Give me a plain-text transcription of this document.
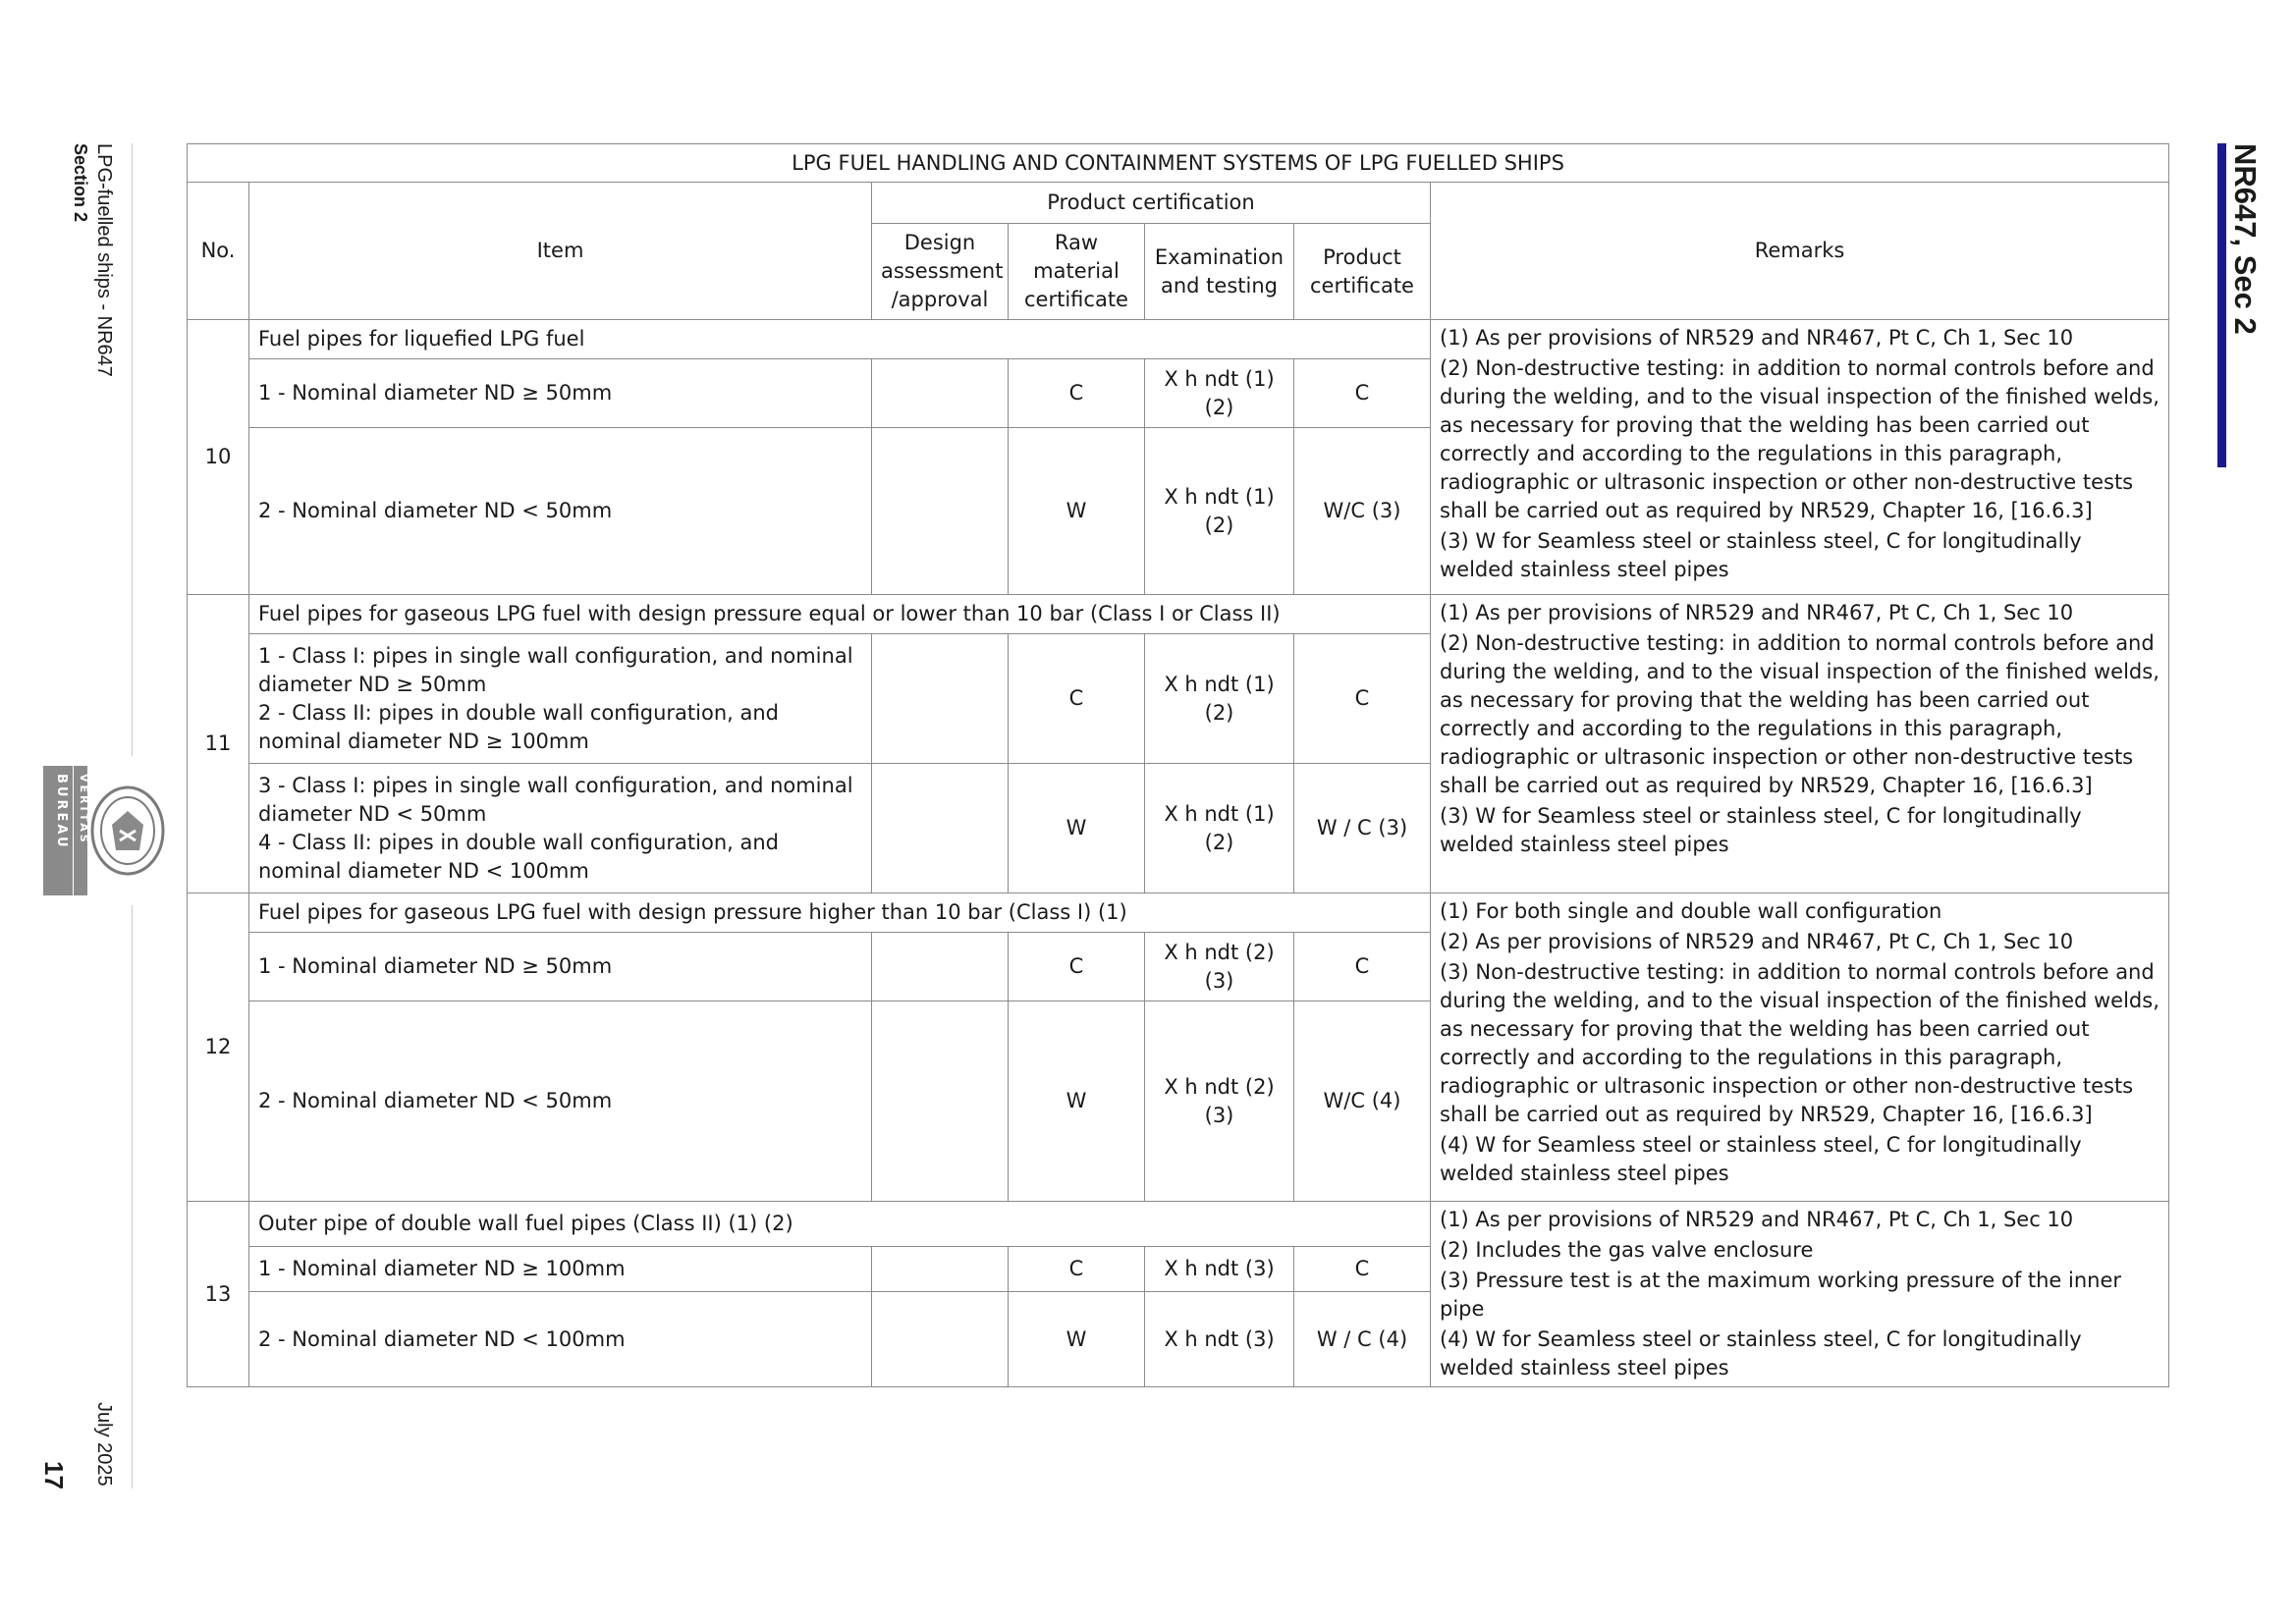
LPG-fuelled ships - NR647
Section 2
July 2025
17
BUREAU VERITAS
NR647, Sec 2
LPG FUEL HANDLING AND CONTAINMENT SYSTEMS OF LPG FUELLED SHIPS						
No.	Item	Product certification				Remarks
		Design assessment /approval	Raw material certificate	Examination and testing	Product certificate	
10	Fuel pipes for liquefied LPG fuel					(1) As per provisions of NR529 and NR467, Pt C, Ch 1, Sec 10
(2) Non-destructive testing: in addition to normal controls before and during the welding, and to the visual inspection of the finished welds, as necessary for proving that the welding has been carried out correctly and according to the regulations in this paragraph, radiographic or ultrasonic inspection or other non-destructive tests shall be carried out as required by NR529, Chapter 16, [16.6.3]
(3) W for Seamless steel or stainless steel, C for longitudinally welded stainless steel pipes

	1 - Nominal diameter ND ≥ 50mm		C	X h ndt (1) (2)	C	
	2 - Nominal diameter ND < 50mm		W	X h ndt (1) (2)	W/C (3)	
11	Fuel pipes for gaseous LPG fuel with design pressure equal or lower than 10 bar (Class I or Class II)					(1) As per provisions of NR529 and NR467, Pt C, Ch 1, Sec 10
(2) Non-destructive testing: in addition to normal controls before and during the welding, and to the visual inspection of the finished welds, as necessary for proving that the welding has been carried out correctly and according to the regulations in this paragraph, radiographic or ultrasonic inspection or other non-destructive tests shall be carried out as required by NR529, Chapter 16, [16.6.3]
(3) W for Seamless steel or stainless steel, C for longitudinally welded stainless steel pipes

	1 - Class I: pipes in single wall configuration, and nominal diameter ND ≥ 50mm
2 - Class II: pipes in double wall configuration, and nominal diameter ND ≥ 100mm		C	X h ndt (1) (2)	C	

	3 - Class I: pipes in single wall configuration, and nominal diameter ND < 50mm
4 - Class II: pipes in double wall configuration, and nominal diameter ND < 100mm		W	X h ndt (1) (2)	W / C (3)	
12	Fuel pipes for gaseous LPG fuel with design pressure higher than 10 bar (Class I) (1)					(1) For both single and double wall configuration
(2) As per provisions of NR529 and NR467, Pt C, Ch 1, Sec 10
(3) Non-destructive testing: in addition to normal controls before and during the welding, and to the visual inspection of the finished welds, as necessary for proving that the welding has been carried out correctly and according to the regulations in this paragraph, radiographic or ultrasonic inspection or other non-destructive tests shall be carried out as required by NR529, Chapter 16, [16.6.3]
(4) W for Seamless steel or stainless steel, C for longitudinally welded stainless steel pipes

	1 - Nominal diameter ND ≥ 50mm		C	X h ndt (2) (3)	C	
	2 - Nominal diameter ND < 50mm		W	X h ndt (2) (3)	W/C (4)	
13	Outer pipe of double wall fuel pipes (Class II) (1) (2)					(1) As per provisions of NR529 and NR467, Pt C, Ch 1, Sec 10
(2) Includes the gas valve enclosure
(3) Pressure test is at the maximum working pressure of the inner pipe
(4) W for Seamless steel or stainless steel, C for longitudinally welded stainless steel pipes

	1 - Nominal diameter ND ≥ 100mm		C	X h ndt (3)	C	
	2 - Nominal diameter ND < 100mm		W	X h ndt (3)	W / C (4)	
